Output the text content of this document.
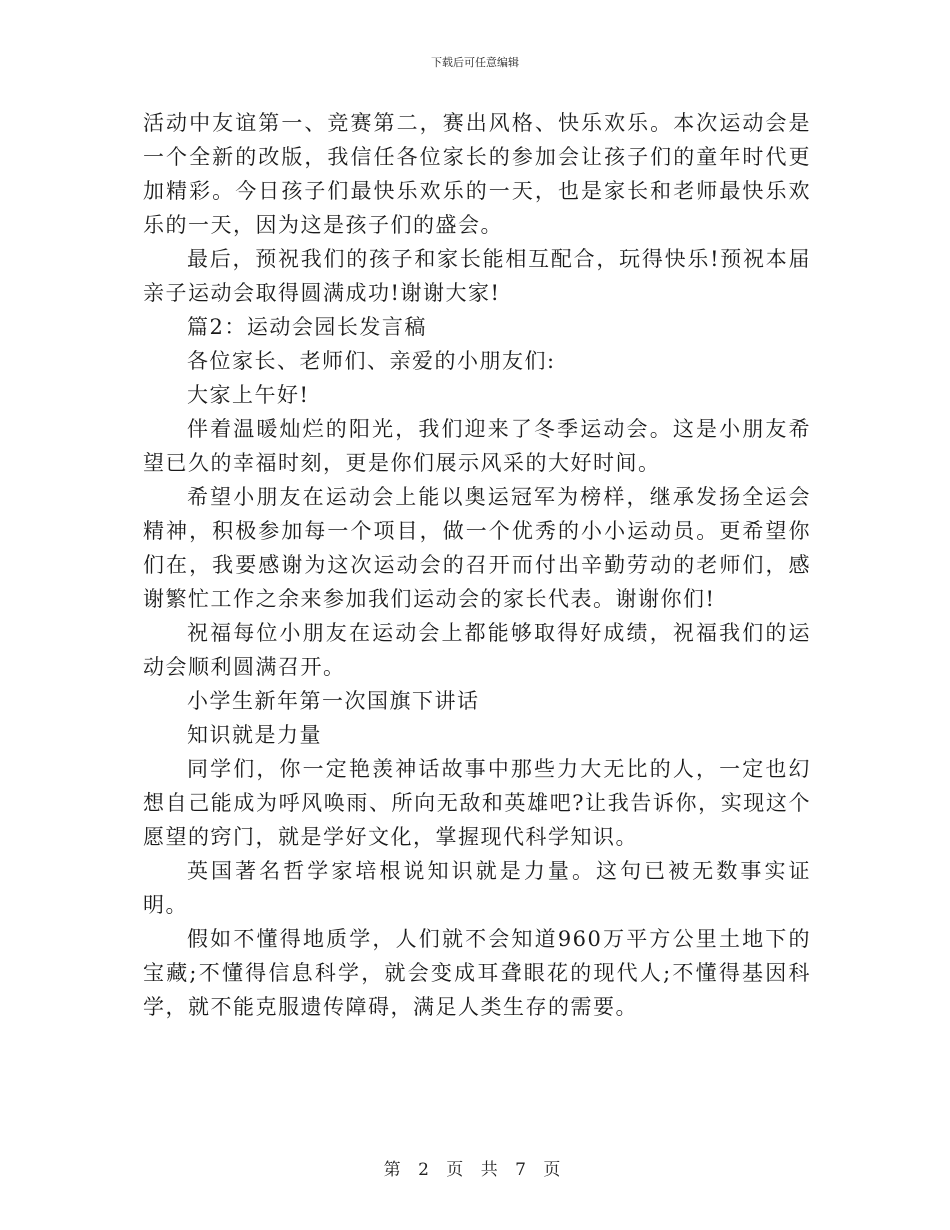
下载后可任意编辑

活动中友谊第一、竞赛第二，赛出风格、快乐欢乐。本次运动会是一个全新的改版，我信任各位家长的参加会让孩子们的童年时代更加精彩。今日孩子们最快乐欢乐的一天，也是家长和老师最快乐欢乐的一天，因为这是孩子们的盛会。

最后，预祝我们的孩子和家长能相互配合，玩得快乐!预祝本届亲子运动会取得圆满成功!谢谢大家!

篇2：运动会园长发言稿

各位家长、老师们、亲爱的小朋友们:

大家上午好!

伴着温暖灿烂的阳光，我们迎来了冬季运动会。这是小朋友希望已久的幸福时刻，更是你们展示风采的大好时间。

希望小朋友在运动会上能以奥运冠军为榜样，继承发扬全运会精神，积极参加每一个项目，做一个优秀的小小运动员。更希望你们在，我要感谢为这次运动会的召开而付出辛勤劳动的老师们，感谢繁忙工作之余来参加我们运动会的家长代表。谢谢你们!

祝福每位小朋友在运动会上都能够取得好成绩，祝福我们的运动会顺利圆满召开。

小学生新年第一次国旗下讲话

知识就是力量

同学们，你一定艳羡神话故事中那些力大无比的人，一定也幻想自己能成为呼风唤雨、所向无敌和英雄吧?让我告诉你，实现这个愿望的窍门，就是学好文化，掌握现代科学知识。

英国著名哲学家培根说知识就是力量。这句已被无数事实证明。

假如不懂得地质学，人们就不会知道960万平方公里土地下的宝藏;不懂得信息科学，就会变成耳聋眼花的现代人;不懂得基因科学，就不能克服遗传障碍，满足人类生存的需要。

第 2 页 共 7 页
